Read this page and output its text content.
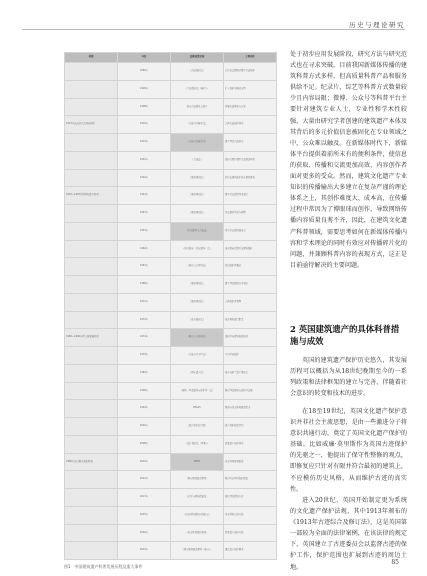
历史与理论研究
时期	年份	法规/政策名称	主要内容
	1882年	《古迹保护法》	首次以法律形式确立古迹保护
	1900年	《古迹保护法（修正）》	扩大保护对象的范围
	1908年	皇家古迹委员会成立	开展古迹调查与记录
1913年以前的立法探索时期	1910年	《古迹合并修正法》	完善古迹保护体系
	1913年	《古迹合并修正法》	建立登录古迹制度
	1931年	《古迹法》	保护范围扩展至古迹周边环境
	1932年	《城乡规划法》	将历史建筑保护纳入规划体系
1932—1967年间体系建立时期	1944年	《城乡规划法》	建立历史建筑登录制度
	1947年	《城乡规划法》	历史建筑登录与管理
	1953年	《历史建筑与古迹法》	设立历史建筑委员会
	1962年	《地方政府（历史建筑）法》	地方政府资助历史建筑维护
	1967年	《城市宜人环境法》	提出保护区概念
	1968年	《城乡规划法》	建立登录建筑许可制度
	1971年	《城乡规划法》	完善保护区管理
	1972年	《地方政府法》	地方规划部门职责
1968—1990年间完善发展时期	1974年	《城市宜人环境法》	保护区内建筑拆除控制
	1979年	《古迹与考古区法》	考古区域保护
	1983年	《国家遗产法》	成立英格兰遗产委员会
	1990年	《规划（登录建筑与保护区）法》	整合登录建筑与保护区法规
	1994年	PPG15	规划与历史环境政策指引
	2002年	《遗产保护的力量》	遗产保护政策评估
	2008年	《遗产保护法（草案）》	改革遗产保护体系
1990年以后整合创新时期	2010年	PPS5	历史环境规划政策
	2012年	《国家规划政策框架》	整合历史环境保护政策
	2013年	《企业与规制改革法》	简化登录建筑许可
	2015年	《历史环境规划实践指南》	历史环境良好实践
	2016年	《历史环境保护原则》	指导遗产保护实践
	2019年	《国家规划政策框架（修订）》	强化遗产保护要求
图1　中国建筑遗产科普发展历程及重大事件
处于初步应用发展阶段，研究方法与研究范式也在寻求突破。目前我国新媒体传播的建筑科普方式多样，但高质量科普产品和服务供给不足。纪录片、综艺等科普方式数量较少且内容局限；微博、公众号等科普平台主要针对建筑专业人士，专业性和学术性较强，大量由研究学者创建的建筑遗产本体及其背后的多元价值信息被固化在专业领域之中，公众难以触及。在新媒体时代下，新媒体平台提供着前所未有的便利条件，使信息的获取、传播和交流更加高效，内容创作者面对更多的受众。然而，建筑文化遗产专业知识的传播输出大多建立在复杂严谨的理论体系之上，其创作难度大、成本高，在传播过程中常因为了博眼球而创作，导致网络传播内容质量良莠不齐，因此，在建筑文化遗产科普领域，需要思考如何在新媒体传播内容和学术理论的同时有效应对传播碎片化的问题，并兼顾科普内容的表现方式，这正是目前亟待解决的主要问题。
2 英国建筑遗产的具体科普措施与成效
英国的建筑遗产保护历史悠久，其发展历程可以概括为从18世纪晚期至今的一系列政策和法律框架的建立与完善，伴随着社会意识的转变和技术的进步。
在18至19世纪，英国文化遗产保护意识并非社会主流思想，是由一些激进分子将意识共通行动，奠定了英国文化遗产保护的基础。比如威廉·莫里斯作为英国古迹保护的先驱之一，他提出了保守性整修的观点，即修复应只针对有限并符合最初的建筑上，不应模仿历史风格，从而维护古迹的真实性。
进入20世纪，英国开始制定更为系统的文化遗产保护法规，其中1913年颁布的《1913年古迹综合及修订法》，这是英国第一部较为全面的法律案例，在该法律的规定下，英国建立了古迹委员会以监督古迹的保护工作，保护范围也扩展到古迹的周边土地。
85
